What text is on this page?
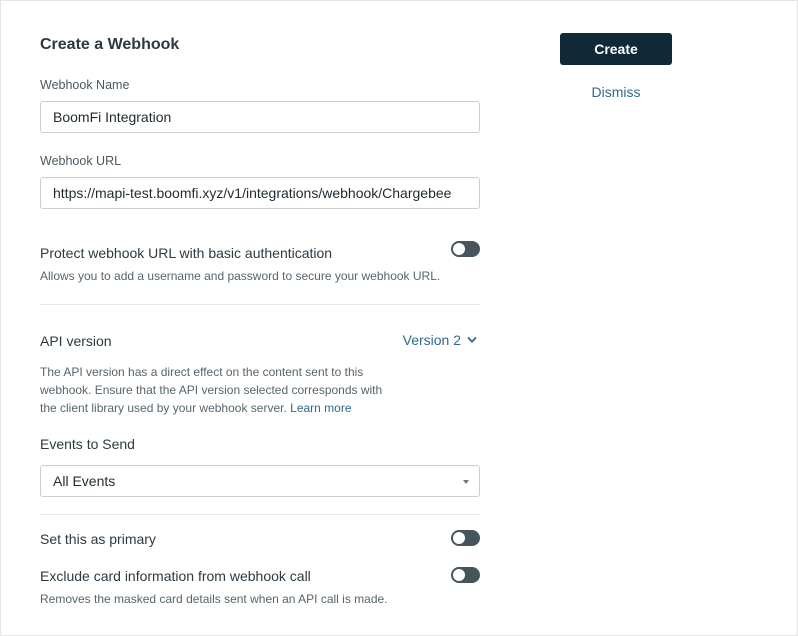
Create a Webhook
Webhook Name
BoomFi Integration
Webhook URL
https://mapi-test.boomfi.xyz/v1/integrations/webhook/Chargebee
Protect webhook URL with basic authentication
Allows you to add a username and password to secure your webhook URL.
API version	Version 2
The API version has a direct effect on the content sent to this webhook. Ensure that the API version selected corresponds with the client library used by your webhook server. Learn more
Events to Send
All Events
Set this as primary
Exclude card information from webhook call
Removes the masked card details sent when an API call is made.
Create
Dismiss
